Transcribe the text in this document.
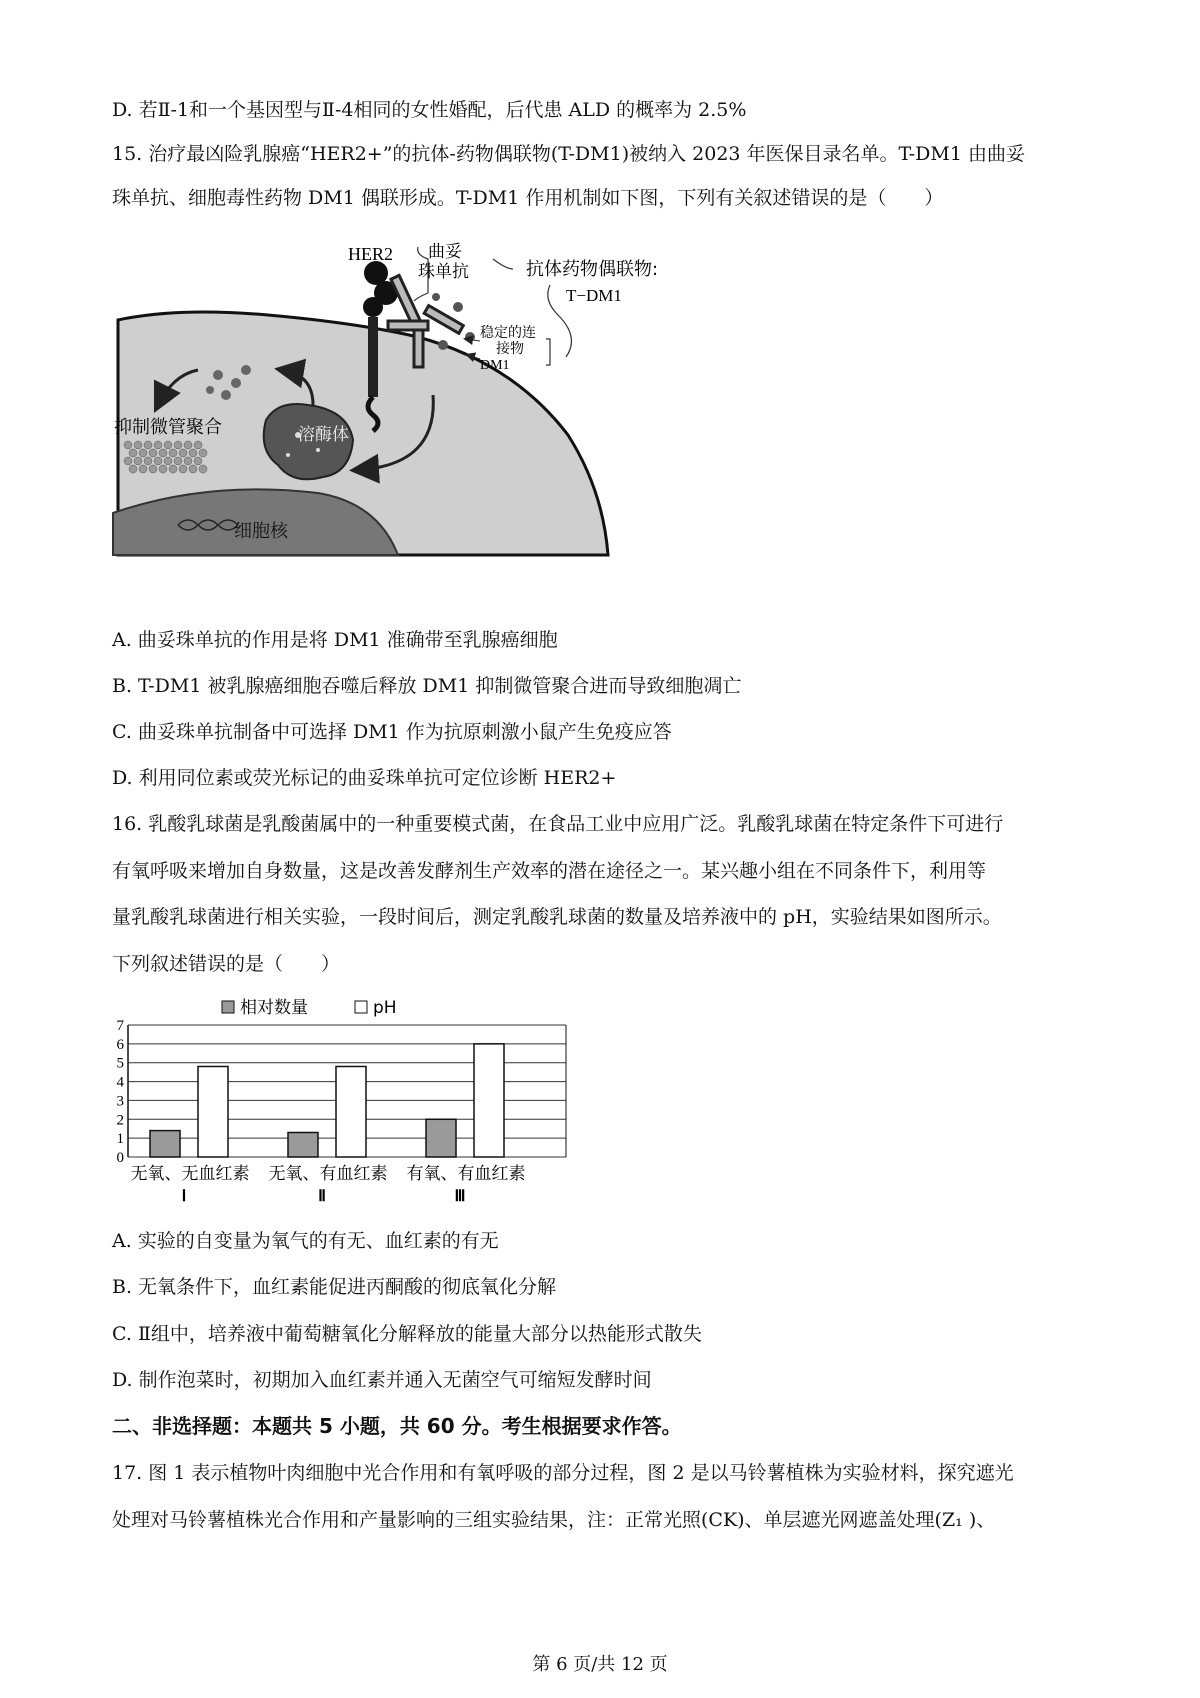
D. 若Ⅱ-1和一个基因型与Ⅱ-4相同的女性婚配，后代患 ALD 的概率为 2.5%
15. 治疗最凶险乳腺癌“HER2+”的抗体-药物偶联物(T-DM1)被纳入 2023 年医保目录名单。T-DM1 由曲妥
珠单抗、细胞毒性药物 DM1 偶联形成。T-DM1 作用机制如下图，下列有关叙述错误的是（　　）
HER2 曲妥
珠单抗	抗体药物偶联物:
T−DM1
稳定的连
接物
DM1
抑制微管聚合	溶酶体
细胞核
A. 曲妥珠单抗的作用是将 DM1 准确带至乳腺癌细胞
B. T-DM1 被乳腺癌细胞吞噬后释放 DM1 抑制微管聚合进而导致细胞凋亡
C. 曲妥珠单抗制备中可选择 DM1 作为抗原刺激小鼠产生免疫应答
D. 利用同位素或荧光标记的曲妥珠单抗可定位诊断 HER2+
16. 乳酸乳球菌是乳酸菌属中的一种重要模式菌，在食品工业中应用广泛。乳酸乳球菌在特定条件下可进行
有氧呼吸来增加自身数量，这是改善发酵剂生产效率的潜在途径之一。某兴趣小组在不同条件下，利用等
量乳酸乳球菌进行相关实验，一段时间后，测定乳酸乳球菌的数量及培养液中的 pH，实验结果如图所示。
下列叙述错误的是（　　）
相对数量	pH
0
1
2
3
4
5
6
7
无氧、无血红素
Ⅰ
无氧、有血红素
Ⅱ
有氧、有血红素
Ⅲ
A. 实验的自变量为氧气的有无、血红素的有无
B. 无氧条件下，血红素能促进丙酮酸的彻底氧化分解
C. Ⅱ组中，培养液中葡萄糖氧化分解释放的能量大部分以热能形式散失
D. 制作泡菜时，初期加入血红素并通入无菌空气可缩短发酵时间
二、非选择题：本题共 5 小题，共 60 分。考生根据要求作答。
17. 图 1 表示植物叶肉细胞中光合作用和有氧呼吸的部分过程，图 2 是以马铃薯植株为实验材料，探究遮光
处理对马铃薯植株光合作用和产量影响的三组实验结果，注：正常光照(CK)、单层遮光网遮盖处理(Z₁ )、
第 6 页/共 12 页
